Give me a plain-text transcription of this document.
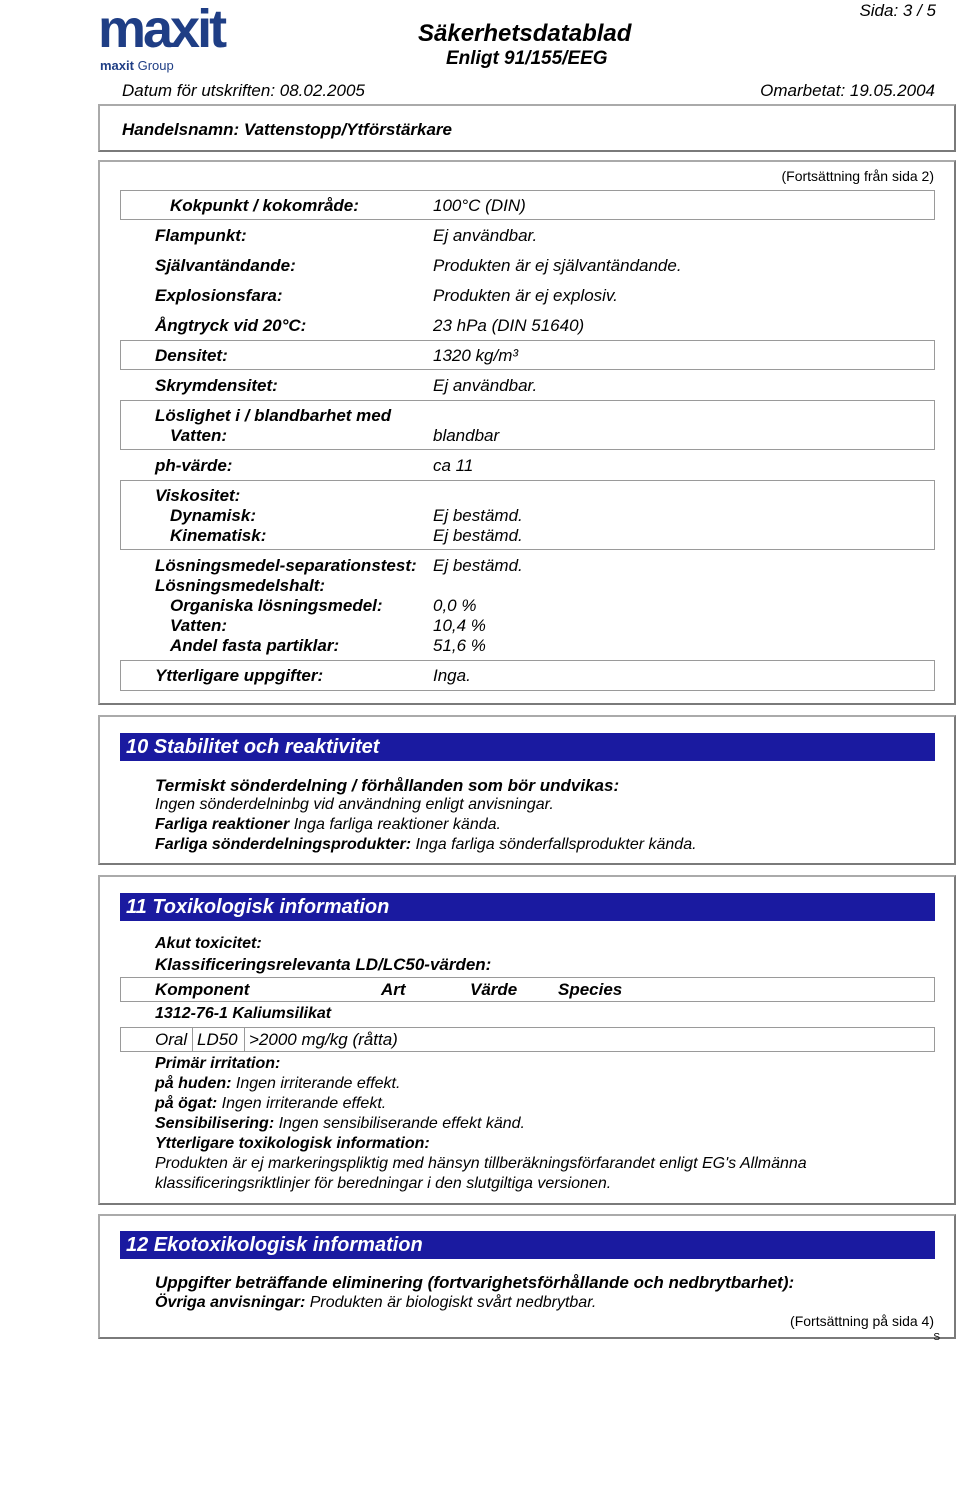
maxit
maxit Group
Sida: 3 / 5
Säkerhetsdatablad
Enligt 91/155/EEG
Datum för utskriften: 08.02.2005	Omarbetat: 19.05.2004
Handelsnamn: Vattenstopp/Ytförstärkare
(Fortsättning från sida 2)
Kokpunkt / kokområde:	100°C (DIN)
Flampunkt:	Ej användbar.
Självantändande:	Produkten är ej självantändande.
Explosionsfara:	Produkten är ej explosiv.
Ångtryck vid 20°C:	23 hPa (DIN 51640)
Densitet:	1320 kg/m³
Skrymdensitet:	Ej användbar.
Löslighet i / blandbarhet med
Vatten:	blandbar
ph-värde:	ca 11
Viskositet:
Dynamisk:	Ej bestämd.
Kinematisk:	Ej bestämd.
Lösningsmedel-separationstest: Ej bestämd.
Lösningsmedelshalt:
Organiska lösningsmedel:	0,0 %
Vatten:	10,4 %
Andel fasta partiklar:	51,6 %
Ytterligare uppgifter:	Inga.
10 Stabilitet och reaktivitet
Termiskt sönderdelning / förhållanden som bör undvikas:
Ingen sönderdelninbg vid användning enligt anvisningar.
Farliga reaktioner Inga farliga reaktioner kända.
Farliga sönderdelningsprodukter: Inga farliga sönderfallsprodukter kända.
11 Toxikologisk information
Akut toxicitet:
Klassificeringsrelevanta LD/LC50-värden:
Komponent	Art	Värde Species
1312-76-1 Kaliumsilikat
Oral LD50 >2000 mg/kg (råtta)
Primär irritation:
på huden: Ingen irriterande effekt.
på ögat: Ingen irriterande effekt.
Sensibilisering: Ingen sensibiliserande effekt känd.
Ytterligare toxikologisk information:
Produkten är ej markeringspliktig med hänsyn tillberäkningsförfarandet enligt EG's Allmänna
klassificeringsriktlinjer för beredningar i den slutgiltiga versionen.
12 Ekotoxikologisk information
Uppgifter beträffande eliminering (fortvarighetsförhållande och nedbrytbarhet):
Övriga anvisningar: Produkten är biologiskt svårt nedbrytbar.
(Fortsättning på sida 4)
S
